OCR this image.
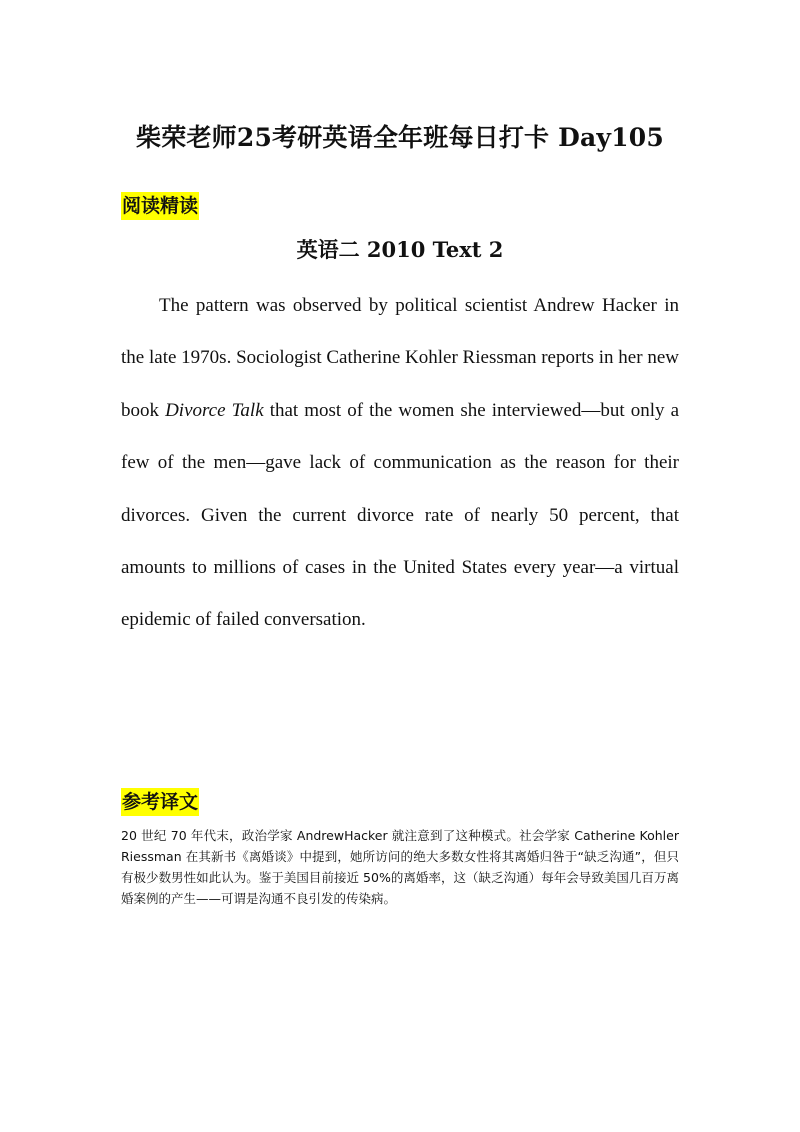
柴荣老师25考研英语全年班每日打卡 Day105
阅读精读
英语二 2010 Text 2

The pattern was observed by political scientist Andrew Hacker in the late 1970s. Sociologist Catherine Kohler Riessman reports in her new book Divorce Talk that most of the women she interviewed—but only a few of the men—gave lack of communication as the reason for their divorces. Given the current divorce rate of nearly 50 percent, that amounts to millions of cases in the United States every year—a virtual epidemic of failed conversation.

参考译文

20 世纪 70 年代末，政治学家 AndrewHacker 就注意到了这种模式。社会学家 Catherine Kohler Riessman 在其新书《离婚谈》中提到，她所访问的绝大多数女性将其离婚归咎于“缺乏沟通”，但只有极少数男性如此认为。鉴于美国目前接近 50%的离婚率，这（缺乏沟通）每年会导致美国几百万离婚案例的产生——可谓是沟通不良引发的传染病。
